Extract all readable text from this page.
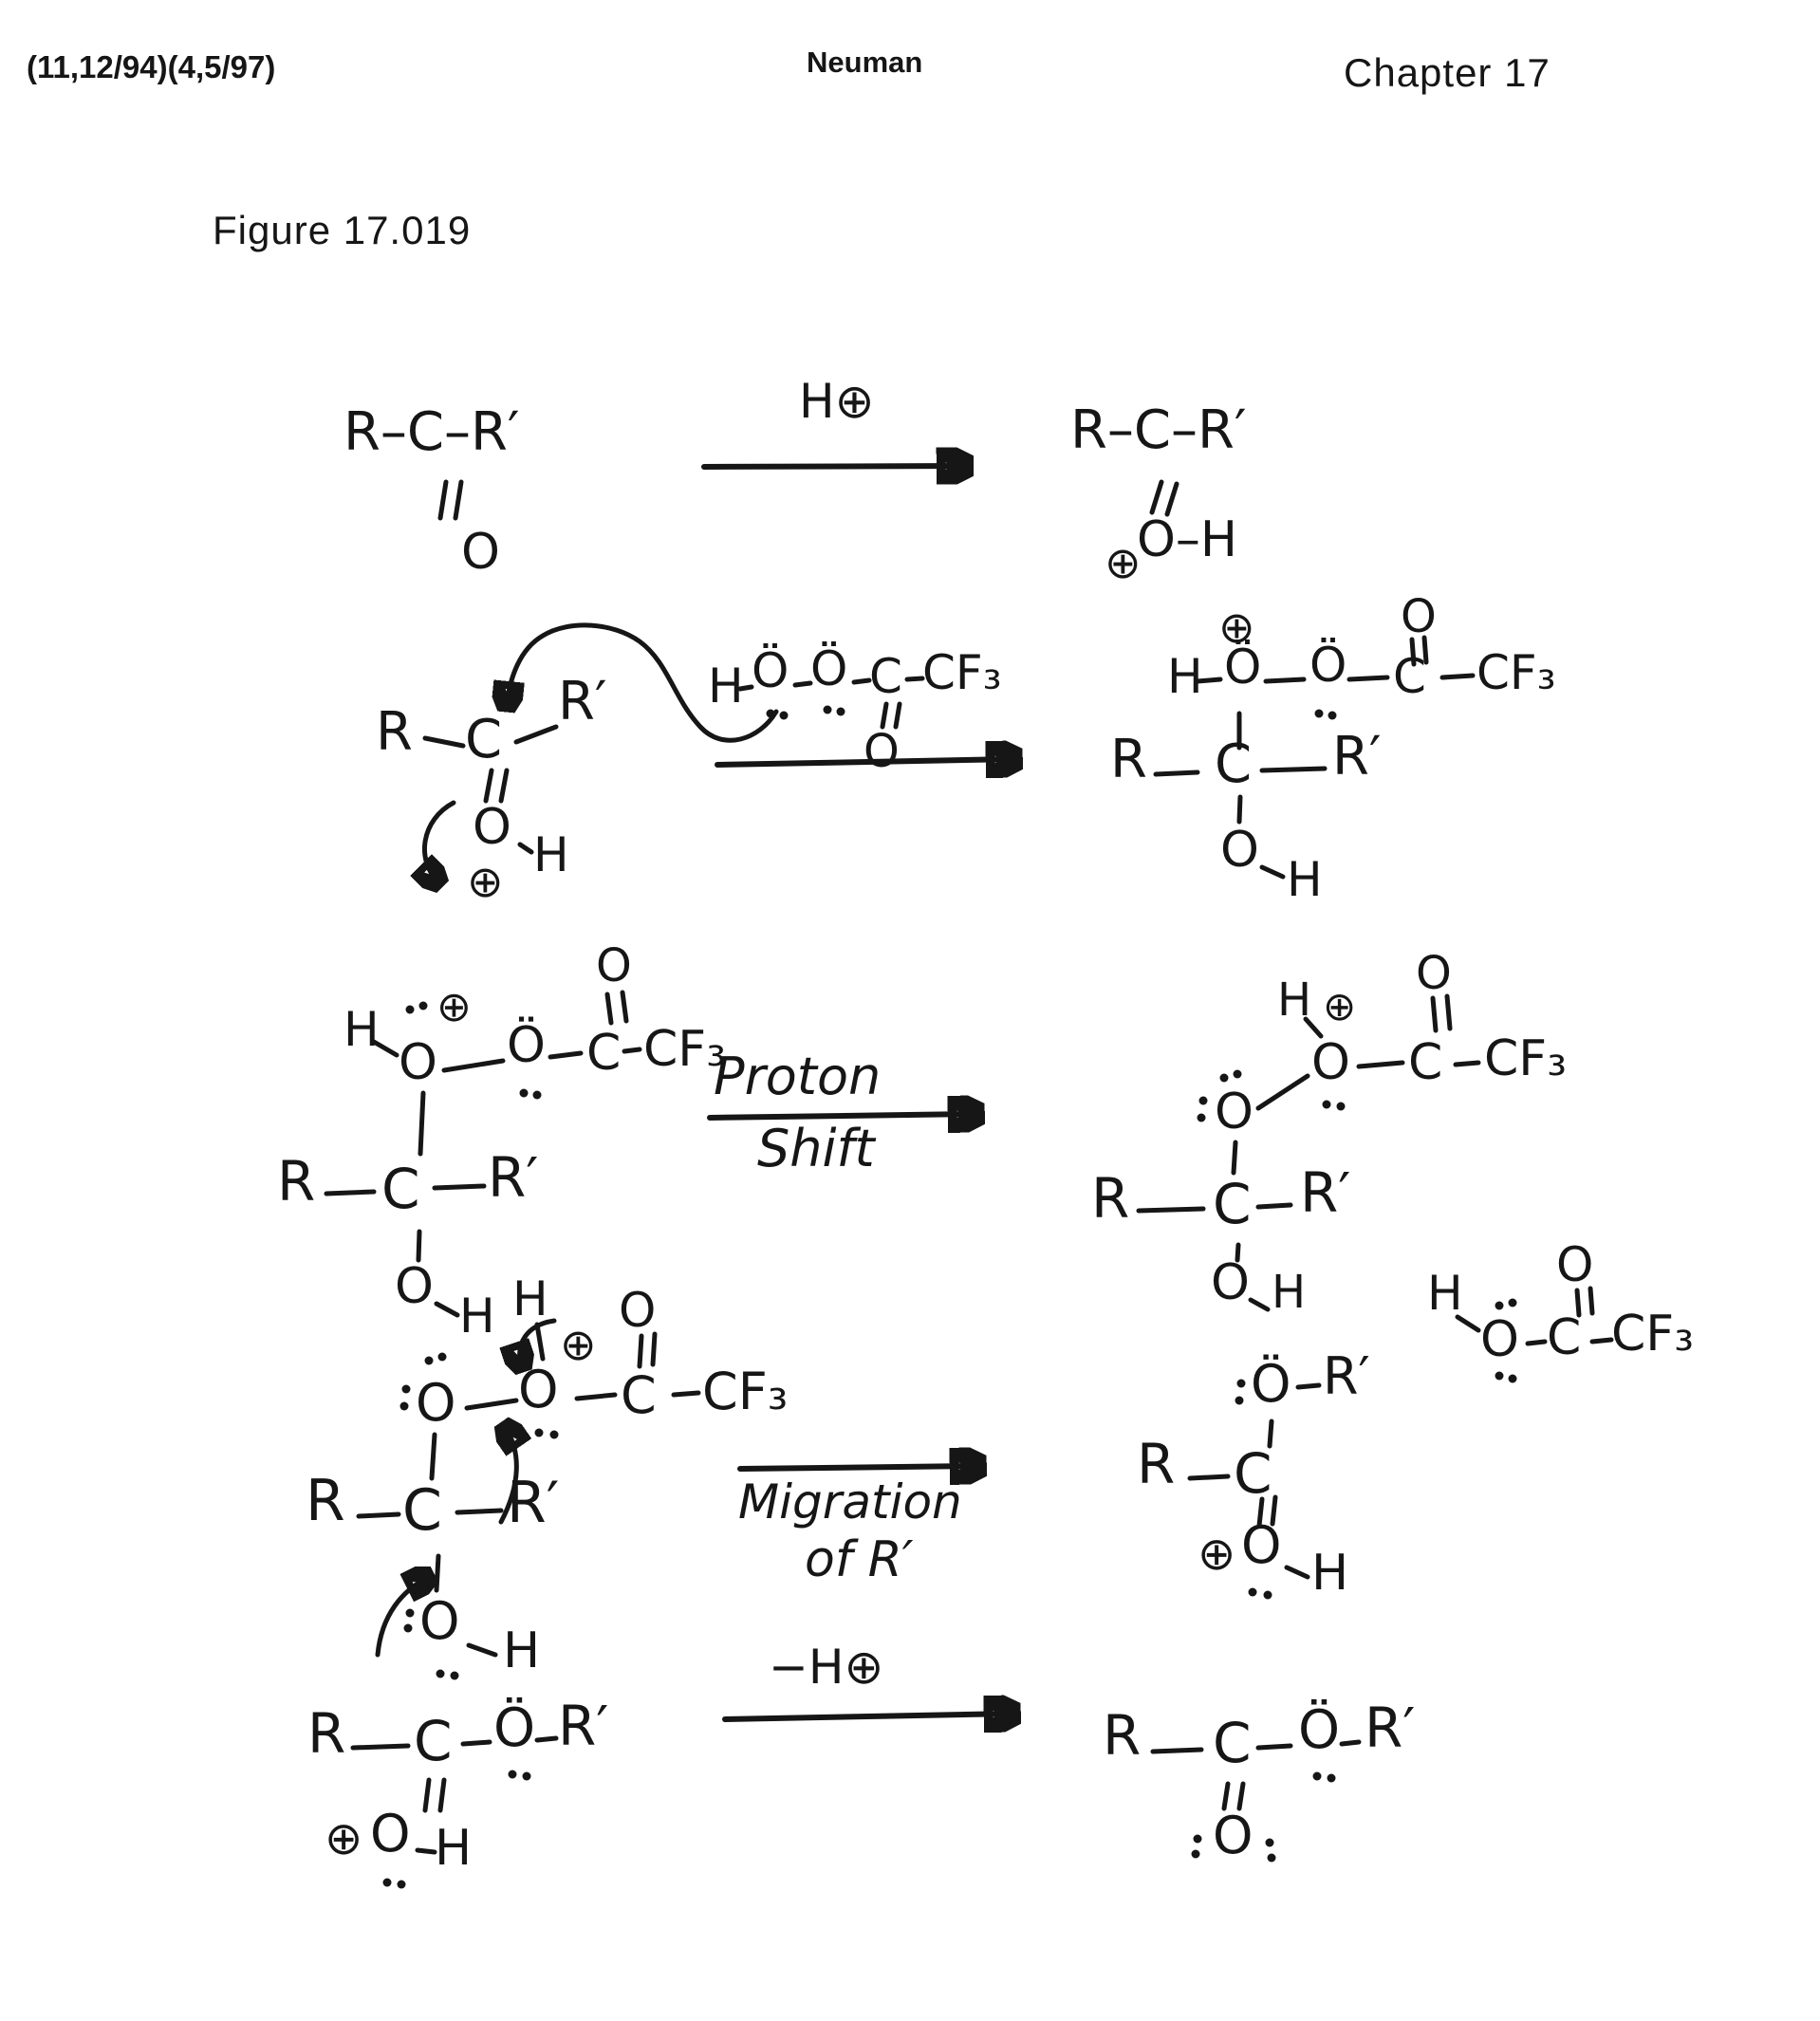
(11,12/94)(4,5/97)	Neuman	Chapter 17
Figure 17.019
R–C–R′
O
H⊕	R–C–R′
O–H
⊕
R C
R′
O H
⊕
H Ö Ö C CF₃
O
⊕
H Ö Ö C CF₃
O
R C R′
O
H
H ⊕
O Ö C
O
CF₃
R C R′
O
H
Proton
Shift
H ⊕
O C
O
CF₃
O
R C R′
O H
H
⊕
O
O
O
C CF₃
R C R′
O H
Migration
of R′
H
O C
O
CF₃
Ö R′
R C
O
⊕ H
R C Ö R′
O
⊕ H
−H⊕
R C Ö R′
O
